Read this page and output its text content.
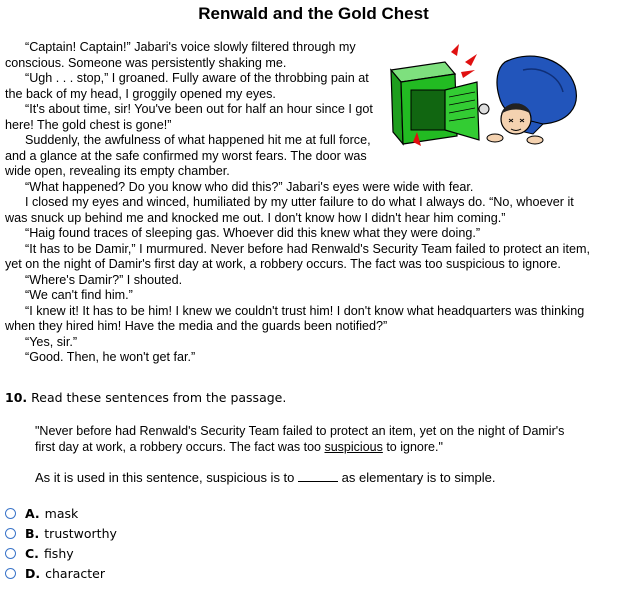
Renwald and the Gold Chest

“Captain! Captain!” Jabari's voice slowly filtered through my conscious. Someone was persistently shaking me.

“Ugh . . . stop,” I groaned. Fully aware of the throbbing pain at the back of my head, I groggily opened my eyes.

“It's about time, sir! You've been out for half an hour since I got here! The gold chest is gone!”

Suddenly, the awfulness of what happened hit me at full force, and a glance at the safe confirmed my worst fears. The door was wide open, revealing its empty chamber.

“What happened? Do you know who did this?” Jabari's eyes were wide with fear.

I closed my eyes and winced, humiliated by my utter failure to do what I always do. “No, whoever it was snuck up behind me and knocked me out. I don't know how I didn't hear him coming.”

“Haig found traces of sleeping gas. Whoever did this knew what they were doing.”

“It has to be Damir,” I murmured. Never before had Renwald's Security Team failed to protect an item, yet on the night of Damir's first day at work, a robbery occurs. The fact was too suspicious to ignore.

“Where's Damir?” I shouted.

“We can't find him.”

“I knew it! It has to be him! I knew we couldn't trust him! I don't know what headquarters was thinking when they hired him! Have the media and the guards been notified?”

“Yes, sir.”

“Good. Then, he won't get far.”

10. Read these sentences from the passage.

"Never before had Renwald's Security Team failed to protect an item, yet on the night of Damir's first day at work, a robbery occurs. The fact was too suspicious to ignore."
As it is used in this sentence, suspicious is to	as elementary is to simple.
A. mask
B. trustworthy
C. fishy
D. character
